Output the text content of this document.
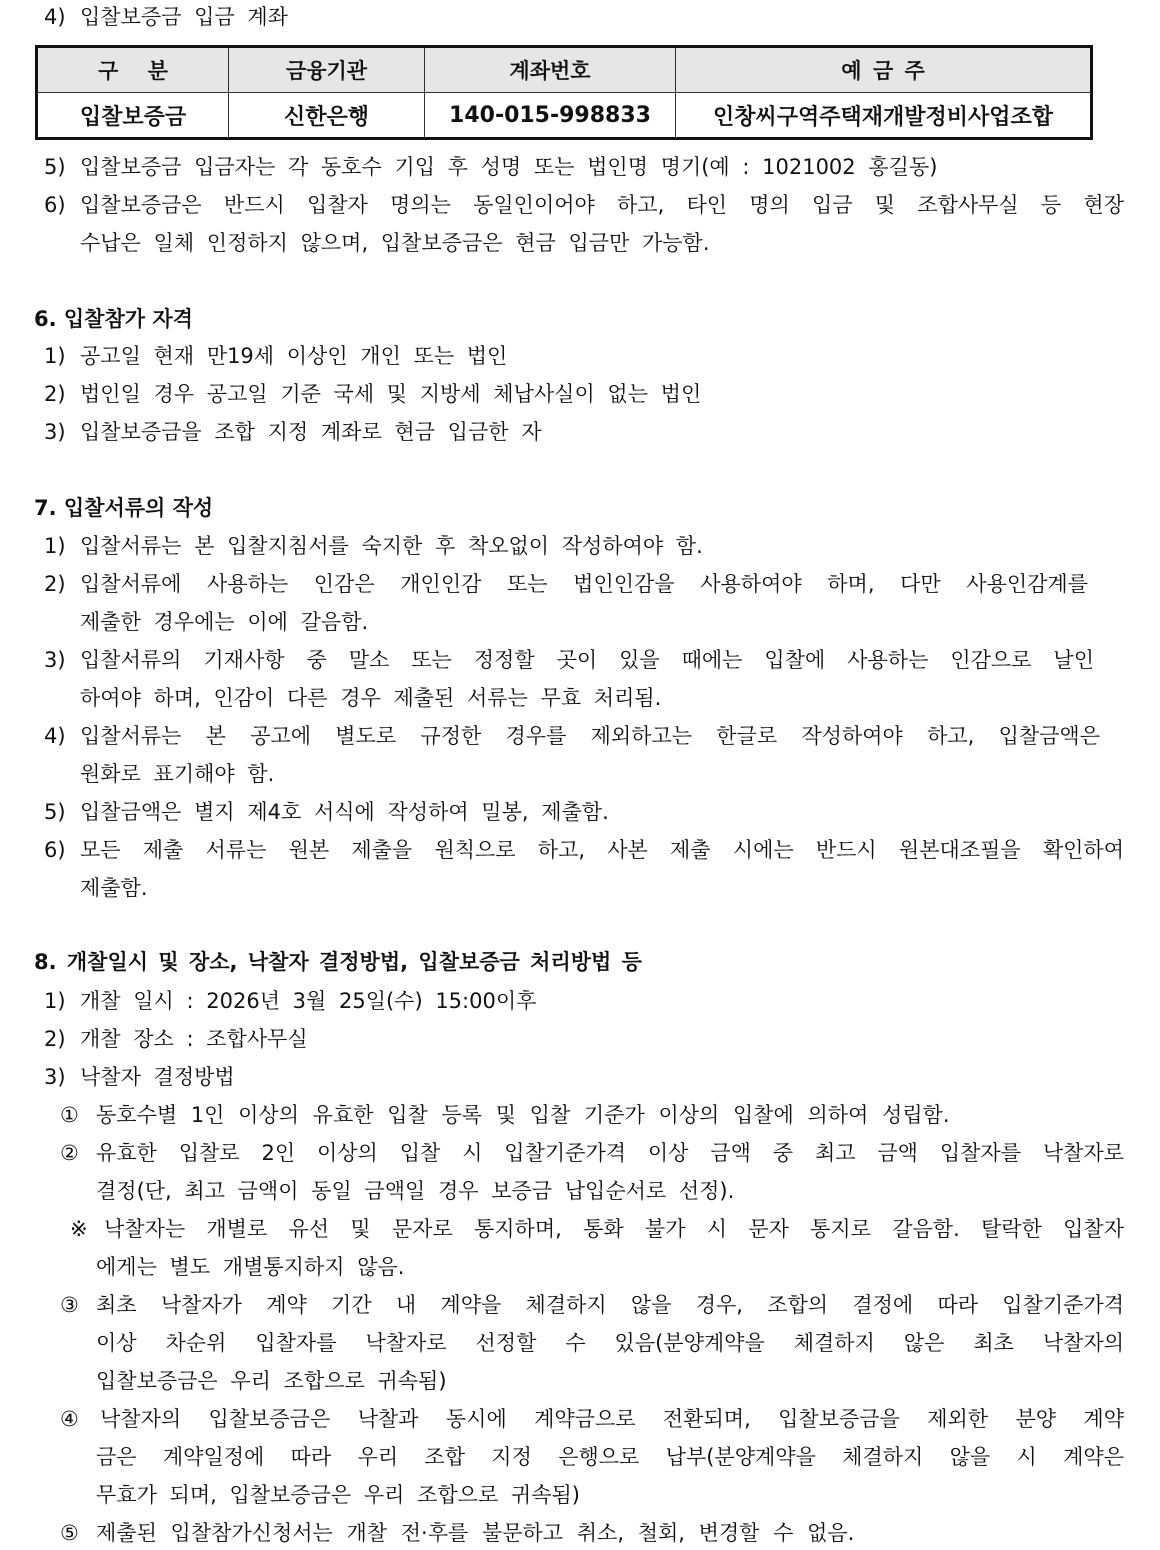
4) 입찰보증금 입금 계좌
구 분	금융기관	계좌번호	예 금 주
입찰보증금	신한은행	140-015-998833	인창씨구역주택재개발정비사업조합
5) 입찰보증금 입금자는 각 동호수 기입 후 성명 또는 법인명 명기(예 : 1021002 홍길동)
6) 입찰보증금은 반드시 입찰자 명의는 동일인이어야 하고, 타인 명의 입금 및 조합사무실 등 현장
수납은 일체 인정하지 않으며, 입찰보증금은 현금 입금만 가능함.
6. 입찰참가 자격
1) 공고일 현재 만19세 이상인 개인 또는 법인
2) 법인일 경우 공고일 기준 국세 및 지방세 체납사실이 없는 법인
3) 입찰보증금을 조합 지정 계좌로 현금 입금한 자
7. 입찰서류의 작성
1) 입찰서류는 본 입찰지침서를 숙지한 후 착오없이 작성하여야 함.
2) 입찰서류에 사용하는 인감은 개인인감 또는 법인인감을 사용하여야 하며, 다만 사용인감계를
제출한 경우에는 이에 갈음함.
3) 입찰서류의 기재사항 중 말소 또는 정정할 곳이 있을 때에는 입찰에 사용하는 인감으로 날인
하여야 하며, 인감이 다른 경우 제출된 서류는 무효 처리됨.
4) 입찰서류는 본 공고에 별도로 규정한 경우를 제외하고는 한글로 작성하여야 하고, 입찰금액은
원화로 표기해야 함.
5) 입찰금액은 별지 제4호 서식에 작성하여 밀봉, 제출함.
6) 모든 제출 서류는 원본 제출을 원칙으로 하고, 사본 제출 시에는 반드시 원본대조필을 확인하여
제출함.
8. 개찰일시 및 장소, 낙찰자 결정방법, 입찰보증금 처리방법 등
1) 개찰 일시 : 2026년 3월 25일(수) 15:00이후
2) 개찰 장소 : 조합사무실
3) 낙찰자 결정방법
① 동호수별 1인 이상의 유효한 입찰 등록 및 입찰 기준가 이상의 입찰에 의하여 성립함.
② 유효한 입찰로 2인 이상의 입찰 시 입찰기준가격 이상 금액 중 최고 금액 입찰자를 낙찰자로
결정(단, 최고 금액이 동일 금액일 경우 보증금 납입순서로 선정).
※ 낙찰자는 개별로 유선 및 문자로 통지하며, 통화 불가 시 문자 통지로 갈음함. 탈락한 입찰자
에게는 별도 개별통지하지 않음.
③ 최초 낙찰자가 계약 기간 내 계약을 체결하지 않을 경우, 조합의 결정에 따라 입찰기준가격
이상 차순위 입찰자를 낙찰자로 선정할 수 있음(분양계약을 체결하지 않은 최초 낙찰자의
입찰보증금은 우리 조합으로 귀속됨)
④ 낙찰자의 입찰보증금은 낙찰과 동시에 계약금으로 전환되며, 입찰보증금을 제외한 분양 계약
금은 계약일정에 따라 우리 조합 지정 은행으로 납부(분양계약을 체결하지 않을 시 계약은
무효가 되며, 입찰보증금은 우리 조합으로 귀속됨)
⑤ 제출된 입찰참가신청서는 개찰 전·후를 불문하고 취소, 철회, 변경할 수 없음.
